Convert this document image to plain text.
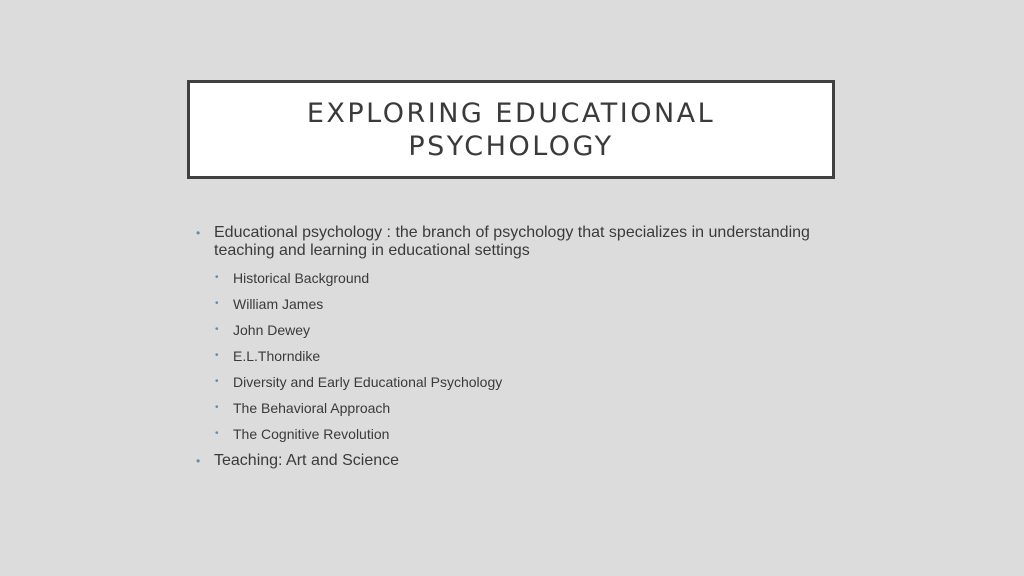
EXPLORING EDUCATIONAL
PSYCHOLOGY
• Educational psychology : the branch of psychology that specializes in understanding teaching and learning in educational settings
• Historical Background
• William James
• John Dewey
• E.L.Thorndike
• Diversity and Early Educational Psychology
• The Behavioral Approach
• The Cognitive Revolution
• Teaching: Art and Science
